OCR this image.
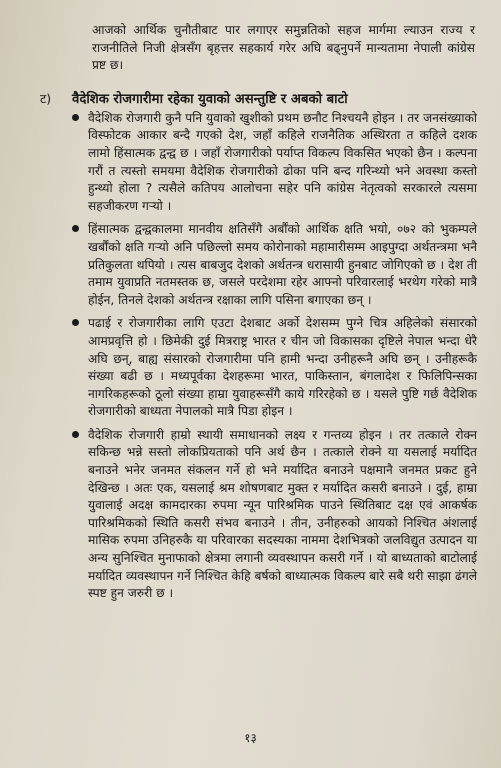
आजको आर्थिक चुनौतीबाट पार लगाएर समुन्नतिको सहज मार्गमा ल्याउन राज्य र राजनीतिले निजी क्षेत्रसँग बृहत्तर सहकार्य गरेर अघि बढ्नुपर्ने मान्यतामा नेपाली कांग्रेस प्रष्ट छ।

ट)	वैदेशिक रोजगारीमा रहेका युवाको असन्तुष्टि र अबको बाटो

वैदेशिक रोजगारी कुनै पनि युवाको खुशीको प्रथम छनौट निश्चयनै होइन । तर जनसंख्याको विस्फोटक आकार बन्दै गएको देश, जहाँ कहिले राजनैतिक अस्थिरता त कहिले दशक लामो हिंसात्मक द्वन्द्व छ । जहाँ रोजगारीको पर्याप्त विकल्प विकसित भएको छैन । कल्पना गरौं त त्यस्तो समयमा वैदेशिक रोजगारीको ढोका पनि बन्द गरिन्थ्यो भने अवस्था कस्तो हुन्थ्यो होला ? त्यसैले कतिपय आलोचना सहेर पनि कांग्रेस नेतृत्वको सरकारले त्यसमा सहजीकरण गऱ्यो ।

हिंसात्मक द्वन्द्वकालमा मानवीय क्षतिसँगै अर्बौंको आर्थिक क्षति भयो, ०७२ को भुकम्पले खर्बौंको क्षति गऱ्यो अनि पछिल्लो समय कोरोनाको महामारीसम्म आइपुग्दा अर्थतन्त्रमा भनै प्रतिकुलता थपियो । त्यस बाबजुद देशको अर्थतन्त्र धरासायी हुनबाट जोगिएको छ । देश ती तमाम युवाप्रति नतमस्तक छ, जसले परदेशमा रहेर आफ्नो परिवारलाई भरथेग गरेको मात्रै होईन, तिनले देशको अर्थतन्त्र रक्षाका लागि पसिना बगाएका छन् ।

पढाई र रोजगारीका लागि एउटा देशबाट अर्को देशसम्म पुग्ने चित्र अहिलेको संसारको आमप्रवृत्ति हो । छिमेकी दुई मित्रराष्ट्र भारत र चीन जो विकासका दृष्टिले नेपाल भन्दा धेरै अघि छन्, बाह्य संसारको रोजगारीमा पनि हामी भन्दा उनीहरूनै अघि छन् । उनीहरूकै संख्या बढी छ । मध्यपूर्वका देशहरूमा भारत, पाकिस्तान, बंगलादेश र फिलिपिन्सका नागरिकहरूको ठूलो संख्या हाम्रा युवाहरूसँगै काये गरिरहेको छ । यसले पुष्टि गर्छ वैदेशिक रोजगारीको बाध्यता नेपालको मात्रै पिडा होइन ।

वैदेशिक रोजगारी हाम्रो स्थायी समाधानको लक्ष्य र गन्तव्य होइन । तर तत्काले रोक्न सकिन्छ भन्ने सस्तो लोकप्रियताको पनि अर्थ छैन । तत्काले रोक्ने या यसलाई मर्यादित बनाउने भनेर जनमत संकलन गर्ने हो भने मर्यादित बनाउने पक्षमानै जनमत प्रकट हुने देखिन्छ । अतः एक, यसलाई श्रम शोषणबाट मुक्त र मर्यादित कसरी बनाउने । दुई, हाम्रा युवालाई अदक्ष कामदारका रुपमा न्यून पारिश्रमिक पाउने स्थितिबाट दक्ष एवं आकर्षक पारिश्रमिकको स्थिति कसरी संभव बनाउने । तीन, उनीहरुको आयको निश्चित अंशलाई मासिक रुपमा उनिहरुकै या परिवारका सदस्यका नाममा देशभित्रको जलविद्युत उत्पादन या अन्य सुनिश्चित मुनाफाको क्षेत्रमा लगानी व्यवस्थापन कसरी गर्ने । यो बाध्यताको बाटोलाई मर्यादित व्यवस्थापन गर्ने निश्चित केहि बर्षको बाध्यात्मक विकल्प बारे सबै थरी साझा ढंगले स्पष्ट हुन जरुरी छ ।

१३
